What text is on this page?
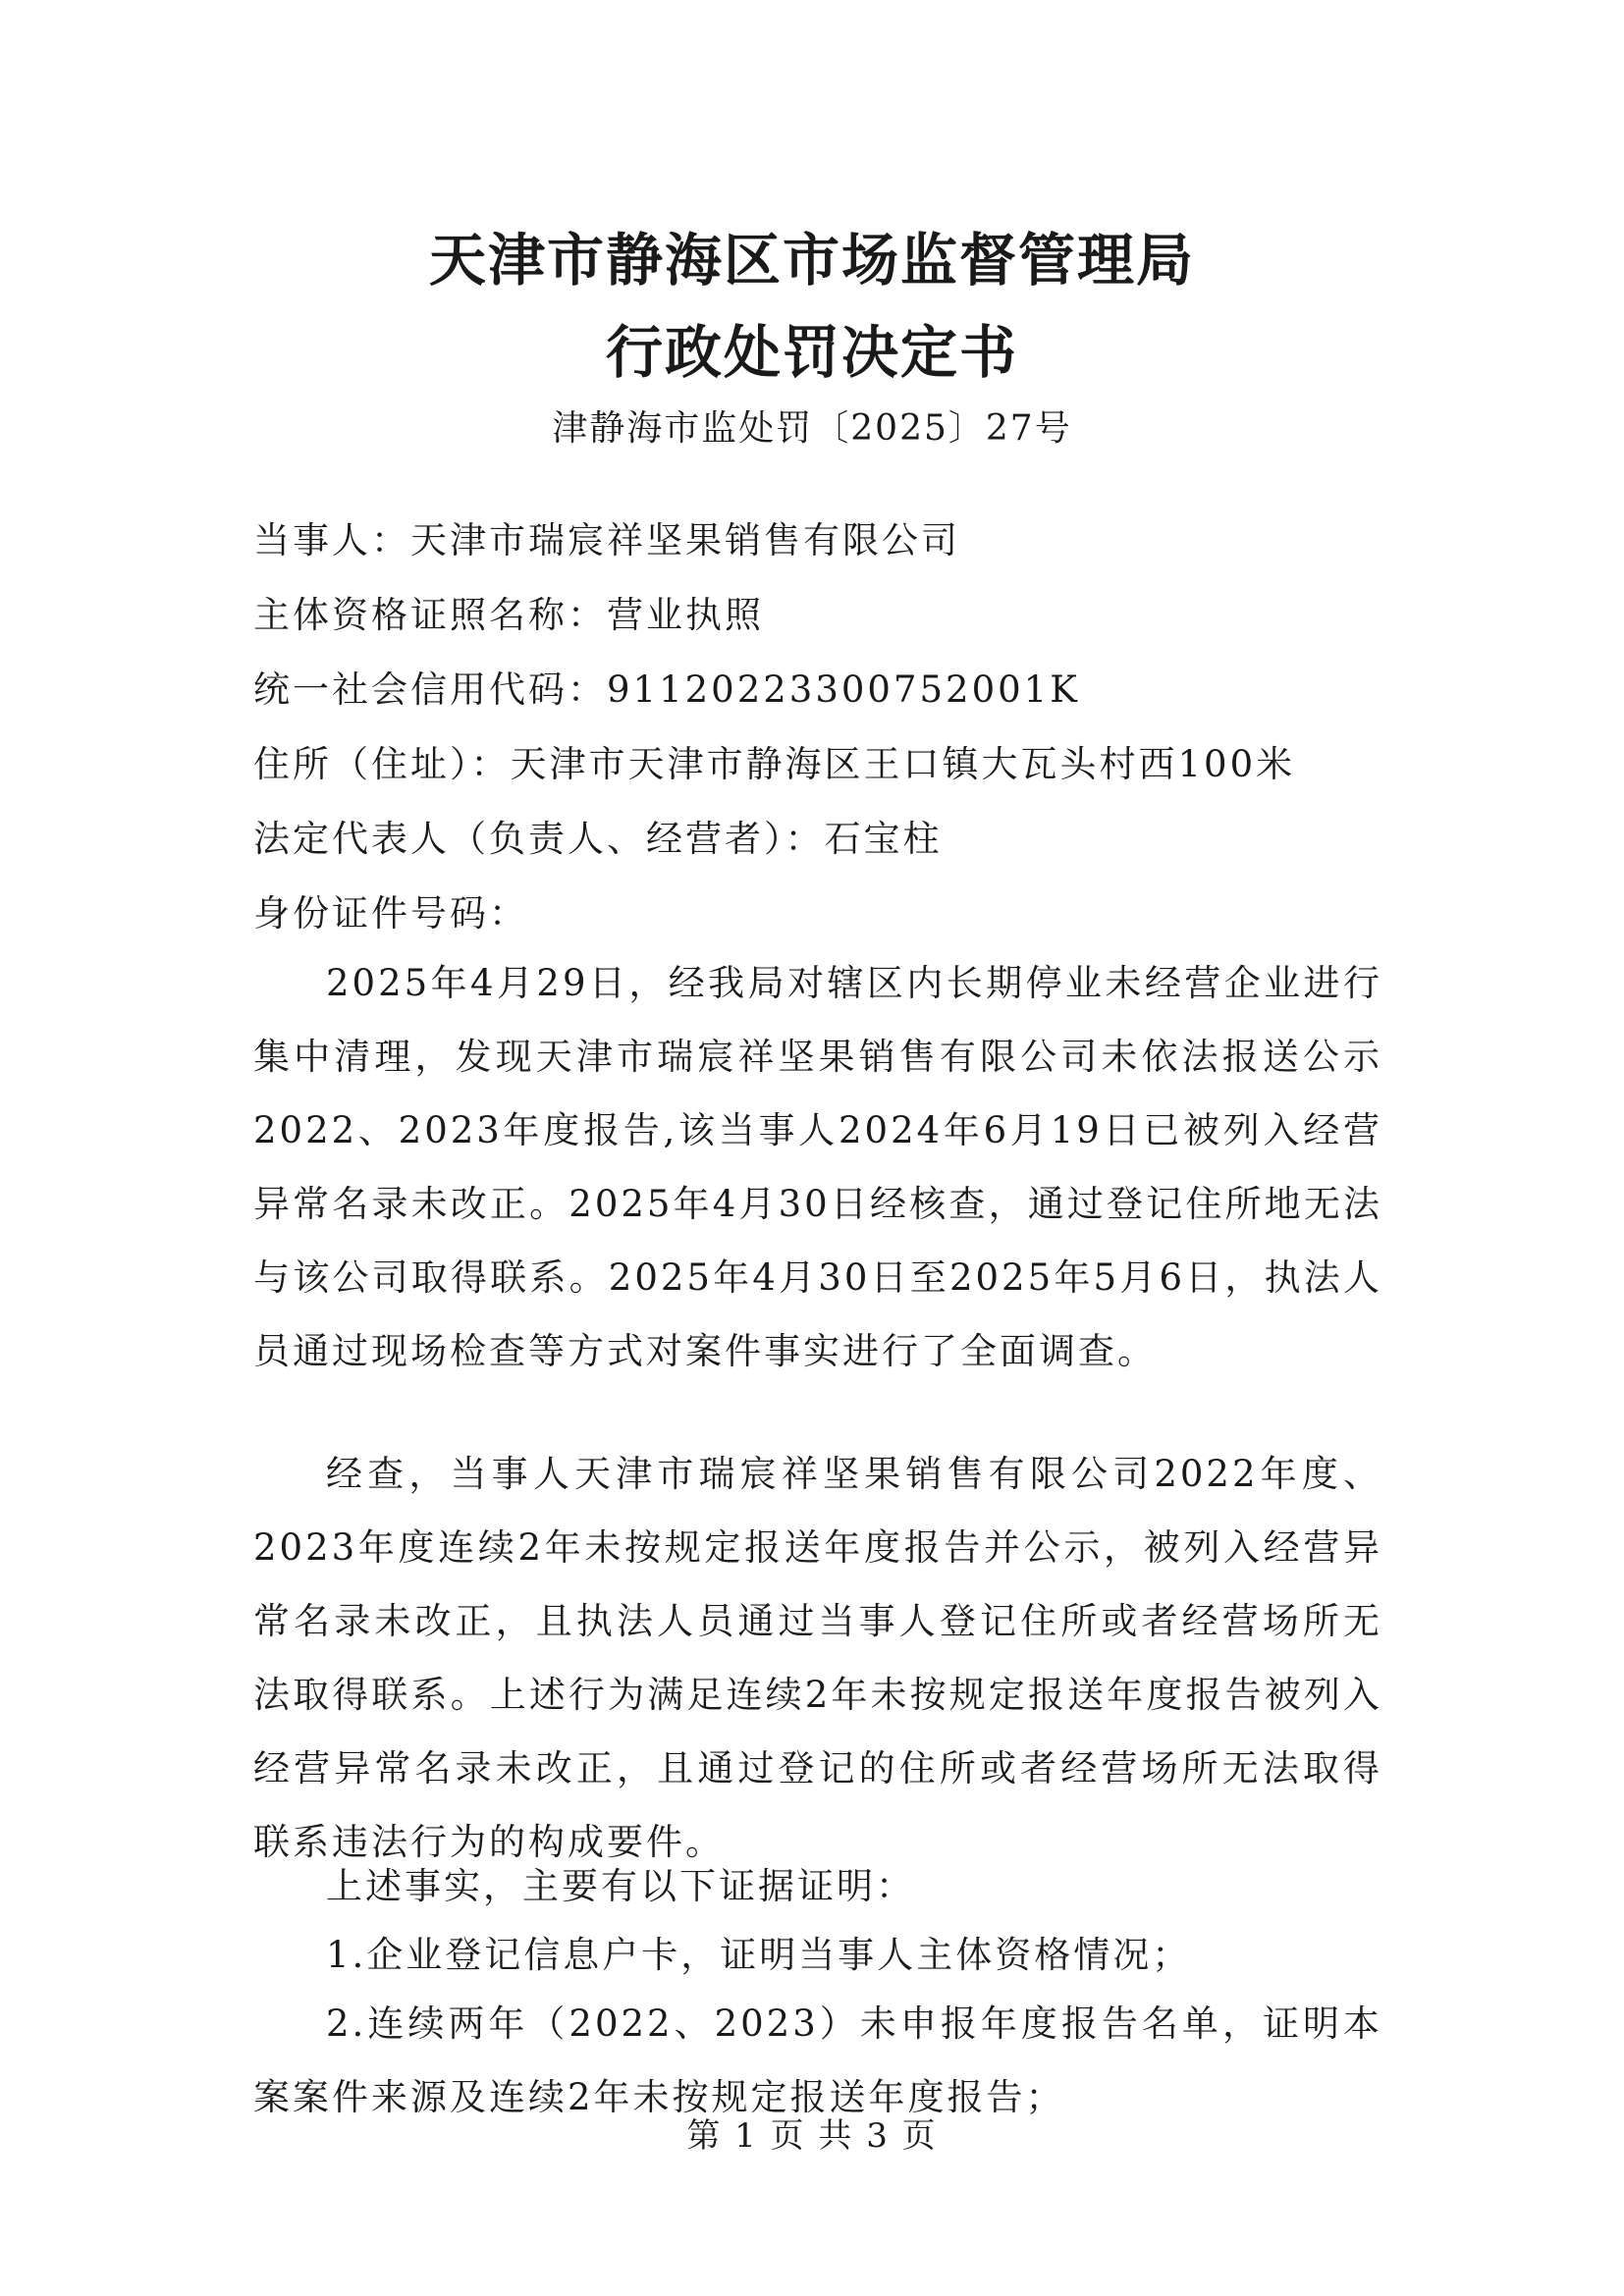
天津市静海区市场监督管理局
行政处罚决定书
津静海市监处罚〔2025〕27号
当事人：天津市瑞宸祥坚果销售有限公司
主体资格证照名称：营业执照
统一社会信用代码：91120223300752001K
住所（住址）：天津市天津市静海区王口镇大瓦头村西100米
法定代表人（负责人、经营者）：石宝柱
身份证件号码：
2025年4月29日，经我局对辖区内长期停业未经营企业进行集中清理，发现天津市瑞宸祥坚果销售有限公司未依法报送公示2022、2023年度报告,该当事人2024年6月19日已被列入经营异常名录未改正。2025年4月30日经核查，通过登记住所地无法与该公司取得联系。2025年4月30日至2025年5月6日，执法人员通过现场检查等方式对案件事实进行了全面调查。
经查，当事人天津市瑞宸祥坚果销售有限公司2022年度、2023年度连续2年未按规定报送年度报告并公示，被列入经营异常名录未改正，且执法人员通过当事人登记住所或者经营场所无法取得联系。上述行为满足连续2年未按规定报送年度报告被列入经营异常名录未改正，且通过登记的住所或者经营场所无法取得联系违法行为的构成要件。
上述事实，主要有以下证据证明：
1.企业登记信息户卡，证明当事人主体资格情况；
2.连续两年（2022、2023）未申报年度报告名单，证明本案案件来源及连续2年未按规定报送年度报告；
第 1 页 共 3 页
